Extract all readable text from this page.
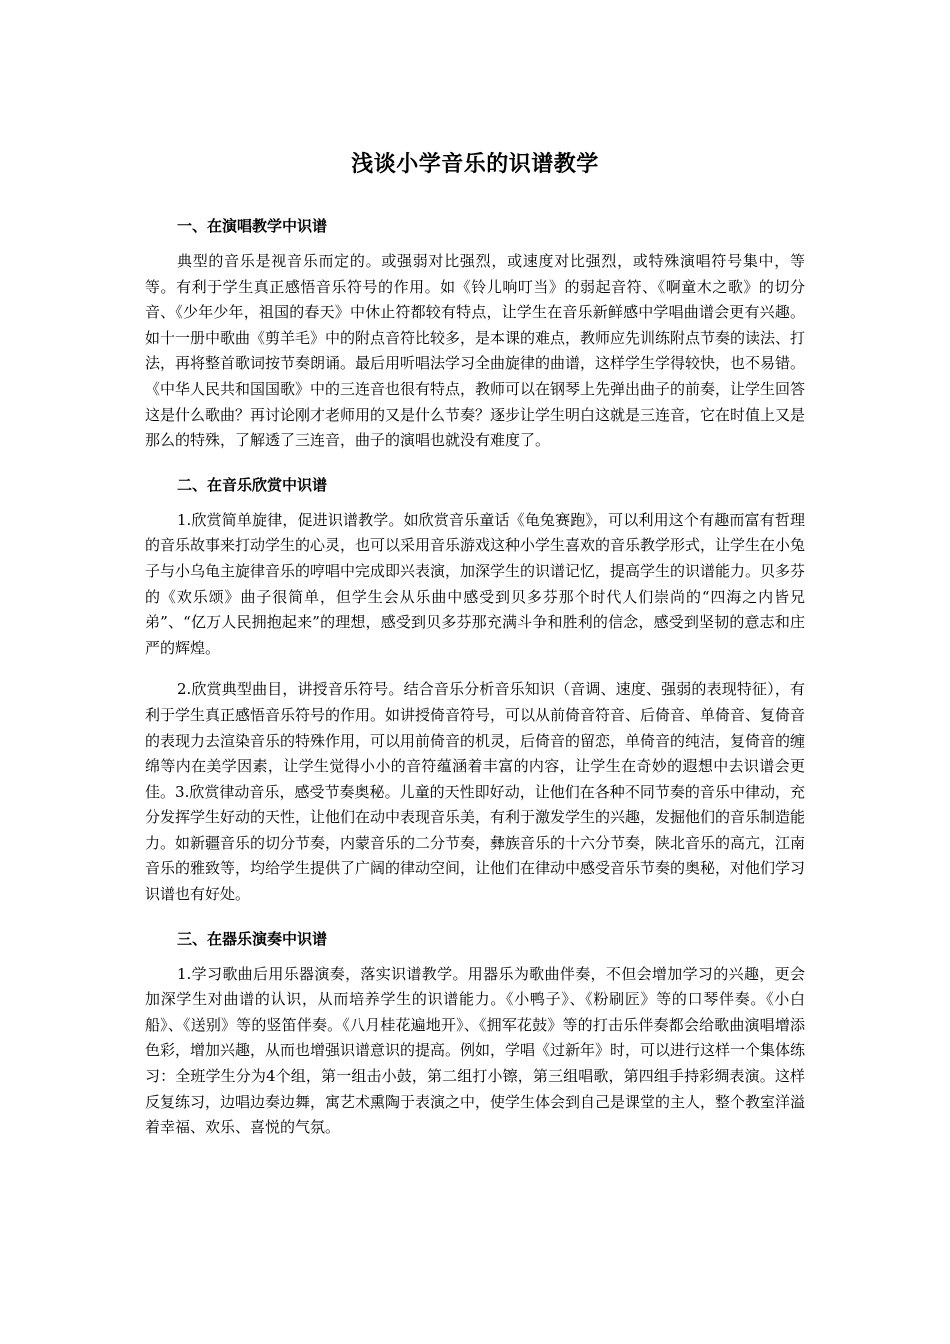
浅谈小学音乐的识谱教学
一、在演唱教学中识谱

典型的音乐是视音乐而定的。或强弱对比强烈，或速度对比强烈，或特殊演唱符号集中，等等。有利于学生真正感悟音乐符号的作用。如《铃儿响叮当》的弱起音符、《啊童木之歌》的切分音、《少年少年，祖国的春天》中休止符都较有特点，让学生在音乐新鲜感中学唱曲谱会更有兴趣。如十一册中歌曲《剪羊毛》中的附点音符比较多，是本课的难点，教师应先训练附点节奏的读法、打法，再将整首歌词按节奏朗诵。最后用听唱法学习全曲旋律的曲谱，这样学生学得较快，也不易错。《中华人民共和国国歌》中的三连音也很有特点，教师可以在钢琴上先弹出曲子的前奏，让学生回答这是什么歌曲？再讨论刚才老师用的又是什么节奏？逐步让学生明白这就是三连音，它在时值上又是那么的特殊，了解透了三连音，曲子的演唱也就没有难度了。

二、在音乐欣赏中识谱

1.欣赏简单旋律，促进识谱教学。如欣赏音乐童话《龟兔赛跑》，可以利用这个有趣而富有哲理的音乐故事来打动学生的心灵，也可以采用音乐游戏这种小学生喜欢的音乐教学形式，让学生在小兔子与小乌龟主旋律音乐的哼唱中完成即兴表演，加深学生的识谱记忆，提高学生的识谱能力。贝多芬的《欢乐颂》曲子很简单，但学生会从乐曲中感受到贝多芬那个时代人们崇尚的“四海之内皆兄弟”、“亿万人民拥抱起来”的理想，感受到贝多芬那充满斗争和胜利的信念，感受到坚韧的意志和庄严的辉煌。

2.欣赏典型曲目，讲授音乐符号。结合音乐分析音乐知识（音调、速度、强弱的表现特征），有利于学生真正感悟音乐符号的作用。如讲授倚音符号，可以从前倚音符音、后倚音、单倚音、复倚音的表现力去渲染音乐的特殊作用，可以用前倚音的机灵，后倚音的留恋，单倚音的纯洁，复倚音的缠绵等内在美学因素，让学生觉得小小的音符蕴涵着丰富的内容，让学生在奇妙的遐想中去识谱会更佳。3.欣赏律动音乐，感受节奏奥秘。儿童的天性即好动，让他们在各种不同节奏的音乐中律动，充分发挥学生好动的天性，让他们在动中表现音乐美，有利于激发学生的兴趣，发掘他们的音乐制造能力。如新疆音乐的切分节奏，内蒙音乐的二分节奏，彝族音乐的十六分节奏，陕北音乐的高亢，江南音乐的雅致等，均给学生提供了广阔的律动空间，让他们在律动中感受音乐节奏的奥秘，对他们学习识谱也有好处。

三、在器乐演奏中识谱

1.学习歌曲后用乐器演奏，落实识谱教学。用器乐为歌曲伴奏，不但会增加学习的兴趣，更会加深学生对曲谱的认识，从而培养学生的识谱能力。《小鸭子》、《粉刷匠》等的口琴伴奏。《小白船》、《送别》等的竖笛伴奏。《八月桂花遍地开》、《拥军花鼓》等的打击乐伴奏都会给歌曲演唱增添色彩，增加兴趣，从而也增强识谱意识的提高。例如，学唱《过新年》时，可以进行这样一个集体练习：全班学生分为4个组，第一组击小鼓，第二组打小镲，第三组唱歌，第四组手持彩绸表演。这样反复练习，边唱边奏边舞，寓艺术熏陶于表演之中，使学生体会到自己是课堂的主人，整个教室洋溢着幸福、欢乐、喜悦的气氛。
